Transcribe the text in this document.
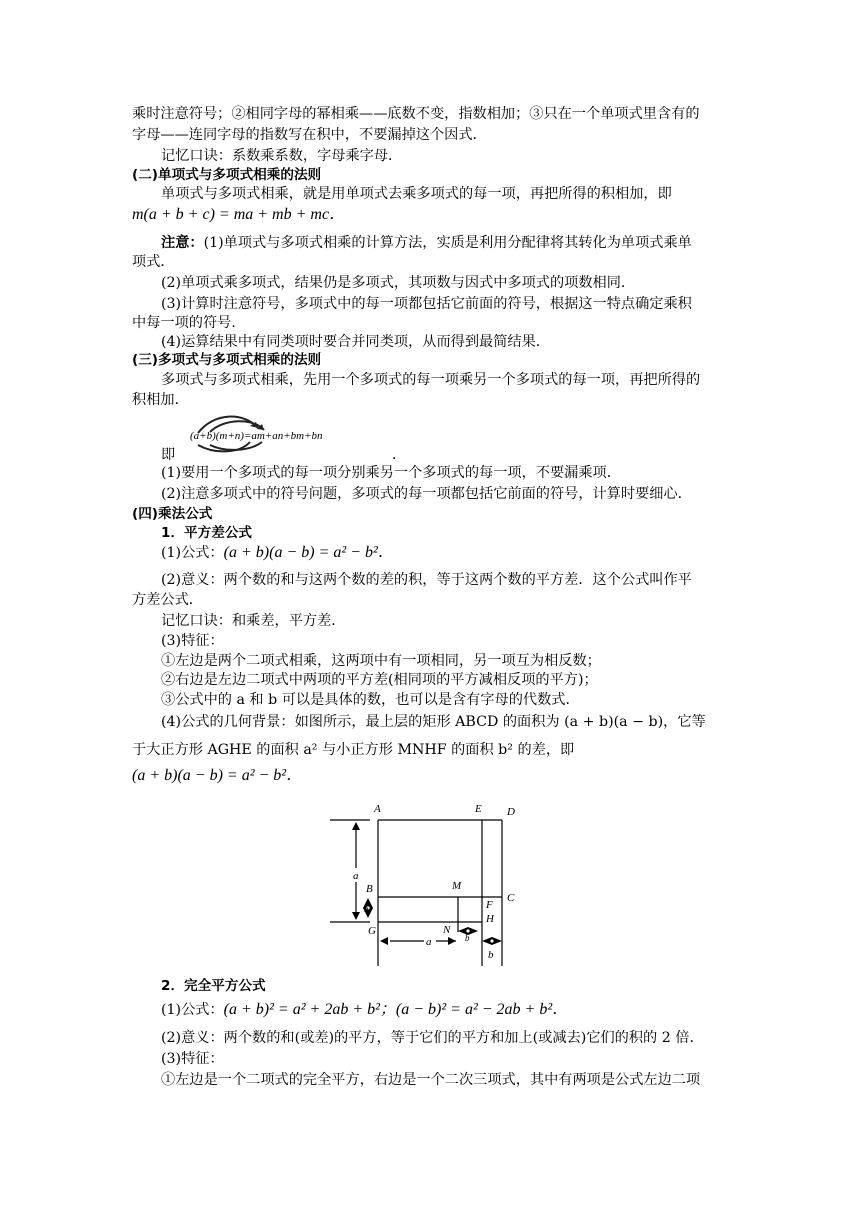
乘时注意符号；②相同字母的幂相乘——底数不变，指数相加；③只在一个单项式里含有的
字母——连同字母的指数写在积中，不要漏掉这个因式．
记忆口诀：系数乘系数，字母乘字母．
(二)单项式与多项式相乘的法则
单项式与多项式相乘，就是用单项式去乘多项式的每一项，再把所得的积相加，即
m(a + b + c) = ma + mb + mc．
注意：(1)单项式与多项式相乘的计算方法，实质是利用分配律将其转化为单项式乘单
项式．
(2)单项式乘多项式，结果仍是多项式，其项数与因式中多项式的项数相同．
(3)计算时注意符号，多项式中的每一项都包括它前面的符号，根据这一特点确定乘积
中每一项的符号．
(4)运算结果中有同类项时要合并同类项，从而得到最简结果．
(三)多项式与多项式相乘的法则
多项式与多项式相乘，先用一个多项式的每一项乘另一个多项式的每一项，再把所得的
积相加．
即	．
(a+b)(m+n)=am+an+bm+bn
(1)要用一个多项式的每一项分别乘另一个多项式的每一项，不要漏乘项．
(2)注意多项式中的符号问题，多项式的每一项都包括它前面的符号，计算时要细心．
(四)乘法公式
1．平方差公式
(1)公式：(a + b)(a − b) = a² − b²．
(2)意义：两个数的和与这两个数的差的积，等于这两个数的平方差．这个公式叫作平
方差公式．
记忆口诀：和乘差，平方差．
(3)特征：
①左边是两个二项式相乘，这两项中有一项相同，另一项互为相反数；
②右边是左边二项式中两项的平方差(相同项的平方减相反项的平方)；
③公式中的 a 和 b 可以是具体的数，也可以是含有字母的代数式．
(4)公式的几何背景：如图所示，最上层的矩形 ABCD 的面积为 (a + b)(a − b)，它等
于大正方形 AGHE 的面积 a² 与小正方形 MNHF 的面积 b² 的差，即
(a + b)(a − b) = a² − b²．
A	E D
B	M
C
F
H
G	N
a
b
a	b
b
2．完全平方公式
(1)公式：(a + b)² = a² + 2ab + b²；(a − b)² = a² − 2ab + b²．
(2)意义：两个数的和(或差)的平方，等于它们的平方和加上(或减去)它们的积的 2 倍．
(3)特征：
①左边是一个二项式的完全平方，右边是一个二次三项式，其中有两项是公式左边二项
